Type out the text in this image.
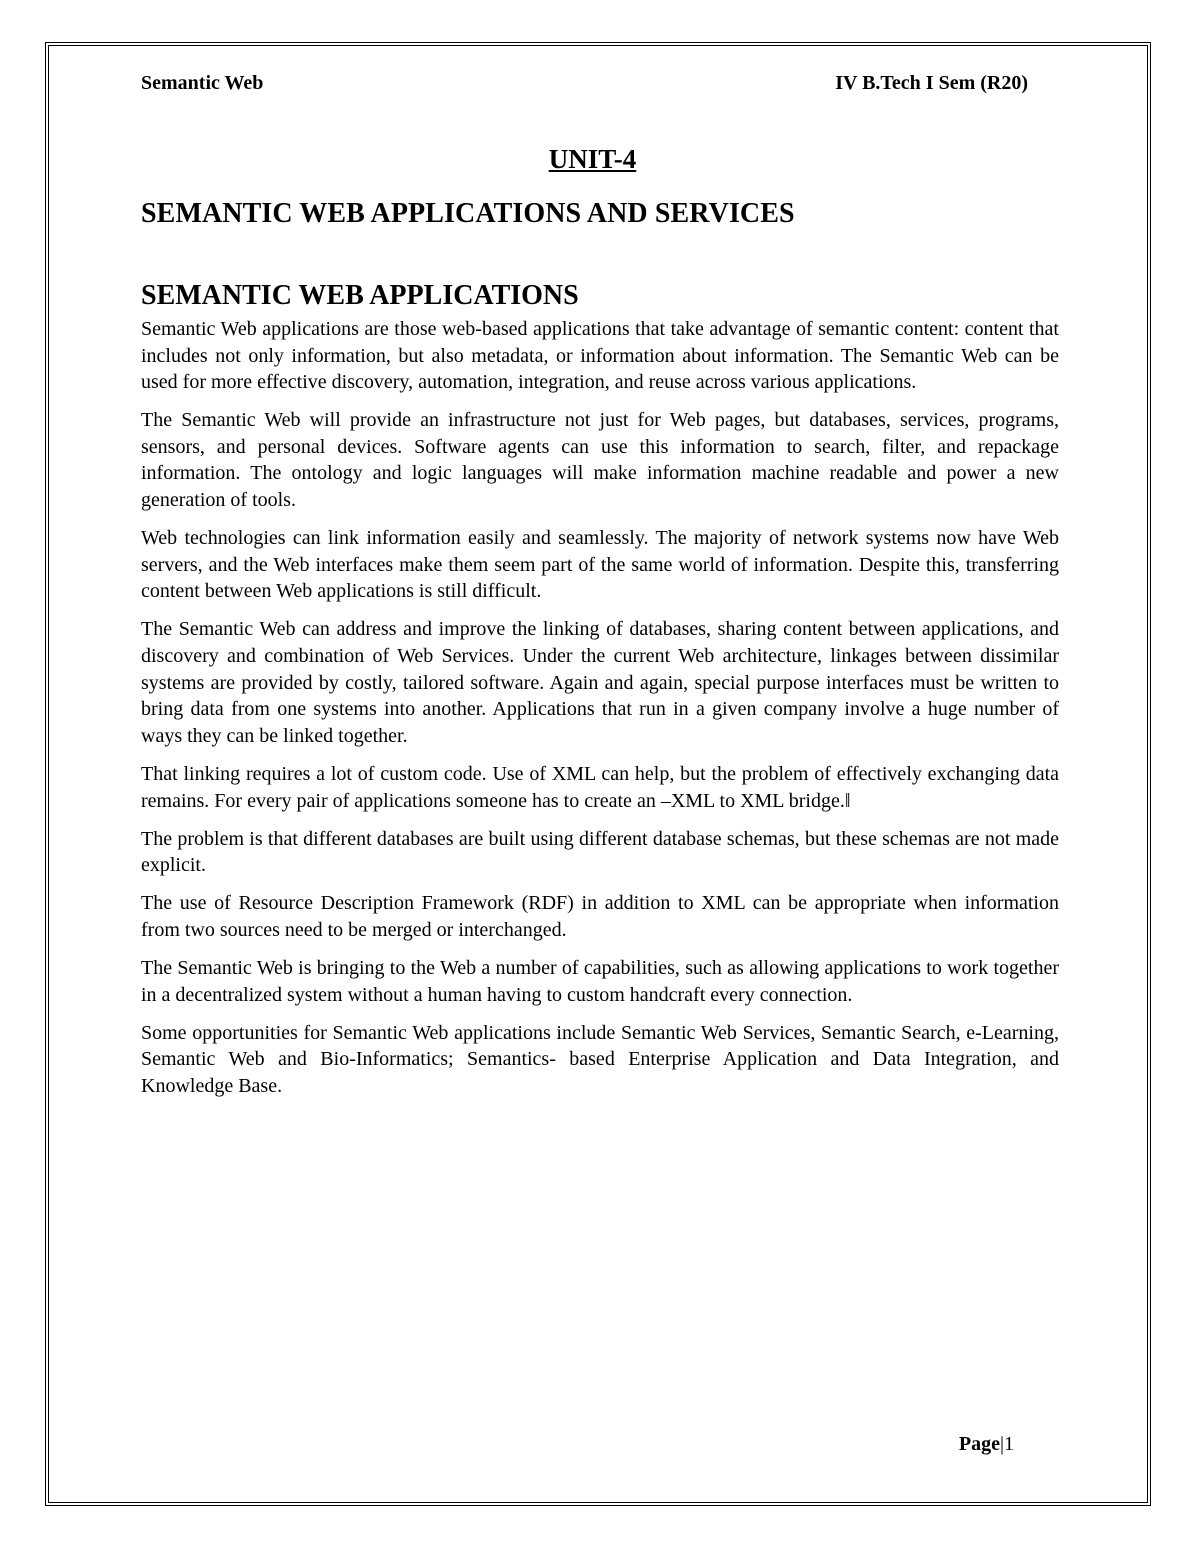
Semantic Web	IV B.Tech I Sem (R20)
UNIT-4
SEMANTIC WEB APPLICATIONS AND SERVICES
SEMANTIC WEB APPLICATIONS

Semantic Web applications are those web-based applications that take advantage of semantic content: content that includes not only information, but also metadata, or information about information. The Semantic Web can be used for more effective discovery, automation, integration, and reuse across various applications.

The Semantic Web will provide an infrastructure not just for Web pages, but databases, services, programs, sensors, and personal devices. Software agents can use this information to search, filter, and repackage information. The ontology and logic languages will make information machine readable and power a new generation of tools.

Web technologies can link information easily and seamlessly. The majority of network systems now have Web servers, and the Web interfaces make them seem part of the same world of information. Despite this, transferring content between Web applications is still difficult.

The Semantic Web can address and improve the linking of databases, sharing content between applications, and discovery and combination of Web Services. Under the current Web architecture, linkages between dissimilar systems are provided by costly, tailored software. Again and again, special purpose interfaces must be written to bring data from one systems into another. Applications that run in a given company involve a huge number of ways they can be linked together.

That linking requires a lot of custom code. Use of XML can help, but the problem of effectively exchanging data remains. For every pair of applications someone has to create an –XML to XML bridge.‖

The problem is that different databases are built using different database schemas, but these schemas are not made explicit.

The use of Resource Description Framework (RDF) in addition to XML can be appropriate when information from two sources need to be merged or interchanged.

The Semantic Web is bringing to the Web a number of capabilities, such as allowing applications to work together in a decentralized system without a human having to custom handcraft every connection.

Some opportunities for Semantic Web applications include Semantic Web Services, Semantic Search, e-Learning, Semantic Web and Bio-Informatics; Semantics- based Enterprise Application and Data Integration, and Knowledge Base.

Page|1
